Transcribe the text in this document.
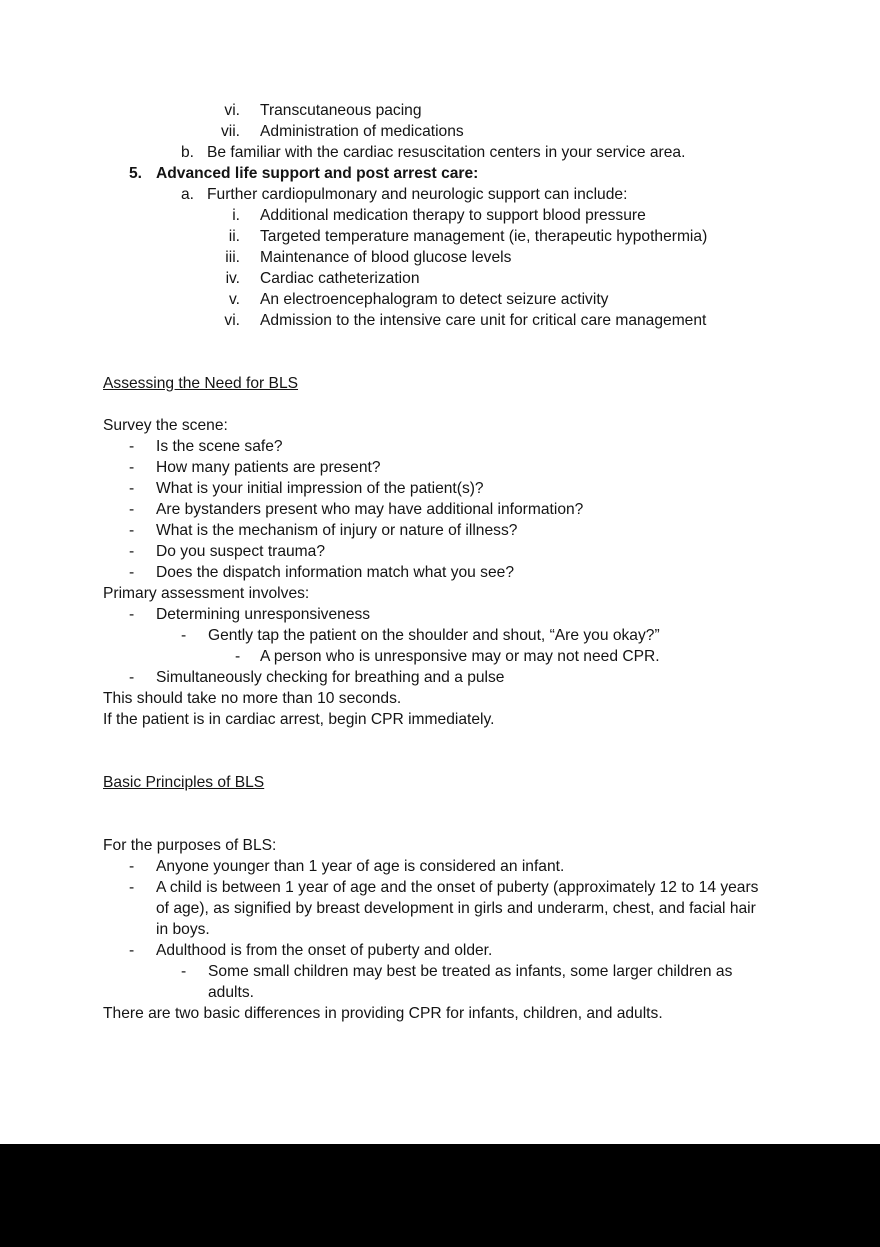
vi. Transcutaneous pacing
vii. Administration of medications
b. Be familiar with the cardiac resuscitation centers in your service area.
5. Advanced life support and post arrest care:
a. Further cardiopulmonary and neurologic support can include:
i. Additional medication therapy to support blood pressure
ii. Targeted temperature management (ie, therapeutic hypothermia)
iii. Maintenance of blood glucose levels
iv. Cardiac catheterization
v. An electroencephalogram to detect seizure activity
vi. Admission to the intensive care unit for critical care management
Assessing the Need for BLS
Survey the scene:
- Is the scene safe?
- How many patients are present?
- What is your initial impression of the patient(s)?
- Are bystanders present who may have additional information?
- What is the mechanism of injury or nature of illness?
- Do you suspect trauma?
- Does the dispatch information match what you see?
Primary assessment involves:
- Determining unresponsiveness
- Gently tap the patient on the shoulder and shout, “Are you okay?”
- A person who is unresponsive may or may not need CPR.
- Simultaneously checking for breathing and a pulse
This should take no more than 10 seconds.
If the patient is in cardiac arrest, begin CPR immediately.
Basic Principles of BLS
For the purposes of BLS:
- Anyone younger than 1 year of age is considered an infant.
- A child is between 1 year of age and the onset of puberty (approximately 12 to 14 years
of age), as signified by breast development in girls and underarm, chest, and facial hair
in boys.
- Adulthood is from the onset of puberty and older.
- Some small children may best be treated as infants, some larger children as
adults.
There are two basic differences in providing CPR for infants, children, and adults.
